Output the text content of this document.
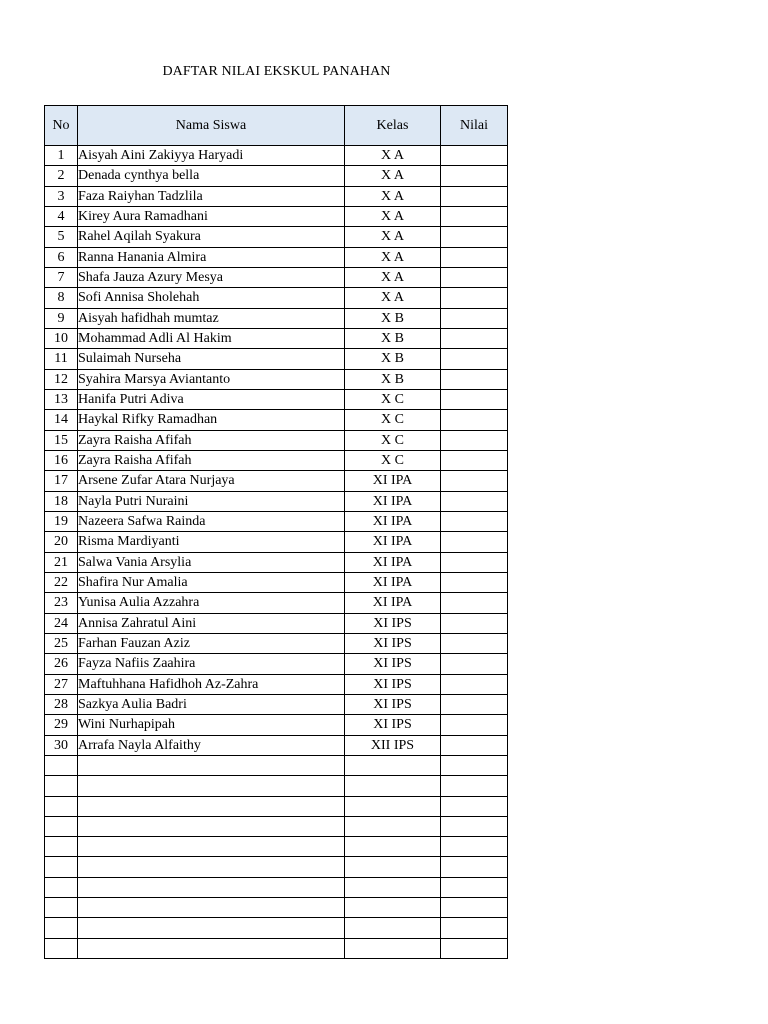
DAFTAR NILAI EKSKUL PANAHAN
No	Nama Siswa	Kelas	Nilai
1	Aisyah Aini Zakiyya Haryadi	X A	
2	Denada cynthya bella	X A	
3	Faza Raiyhan Tadzlila	X A	
4	Kirey Aura Ramadhani	X A	
5	Rahel Aqilah Syakura	X A	
6	Ranna Hanania Almira	X A	
7	Shafa Jauza Azury Mesya	X A	
8	Sofi Annisa Sholehah	X A	
9	Aisyah hafidhah mumtaz	X B	
10	Mohammad Adli Al Hakim	X B	
11	Sulaimah Nurseha	X B	
12	Syahira Marsya Aviantanto	X B	
13	Hanifa Putri Adiva	X C	
14	Haykal Rifky Ramadhan	X C	
15	Zayra Raisha Afifah	X C	
16	Zayra Raisha Afifah	X C	
17	Arsene Zufar Atara Nurjaya	XI IPA	
18	Nayla Putri Nuraini	XI IPA	
19	Nazeera Safwa Rainda	XI IPA	
20	Risma Mardiyanti	XI IPA	
21	Salwa Vania Arsylia	XI IPA	
22	Shafira Nur Amalia	XI IPA	
23	Yunisa Aulia Azzahra	XI IPA	
24	Annisa Zahratul Aini	XI IPS	
25	Farhan Fauzan Aziz	XI IPS	
26	Fayza Nafiis Zaahira	XI IPS	
27	Maftuhhana Hafidhoh Az-Zahra	XI IPS	
28	Sazkya Aulia Badri	XI IPS	
29	Wini Nurhapipah	XI IPS	
30	Arrafa Nayla Alfaithy	XII IPS	
